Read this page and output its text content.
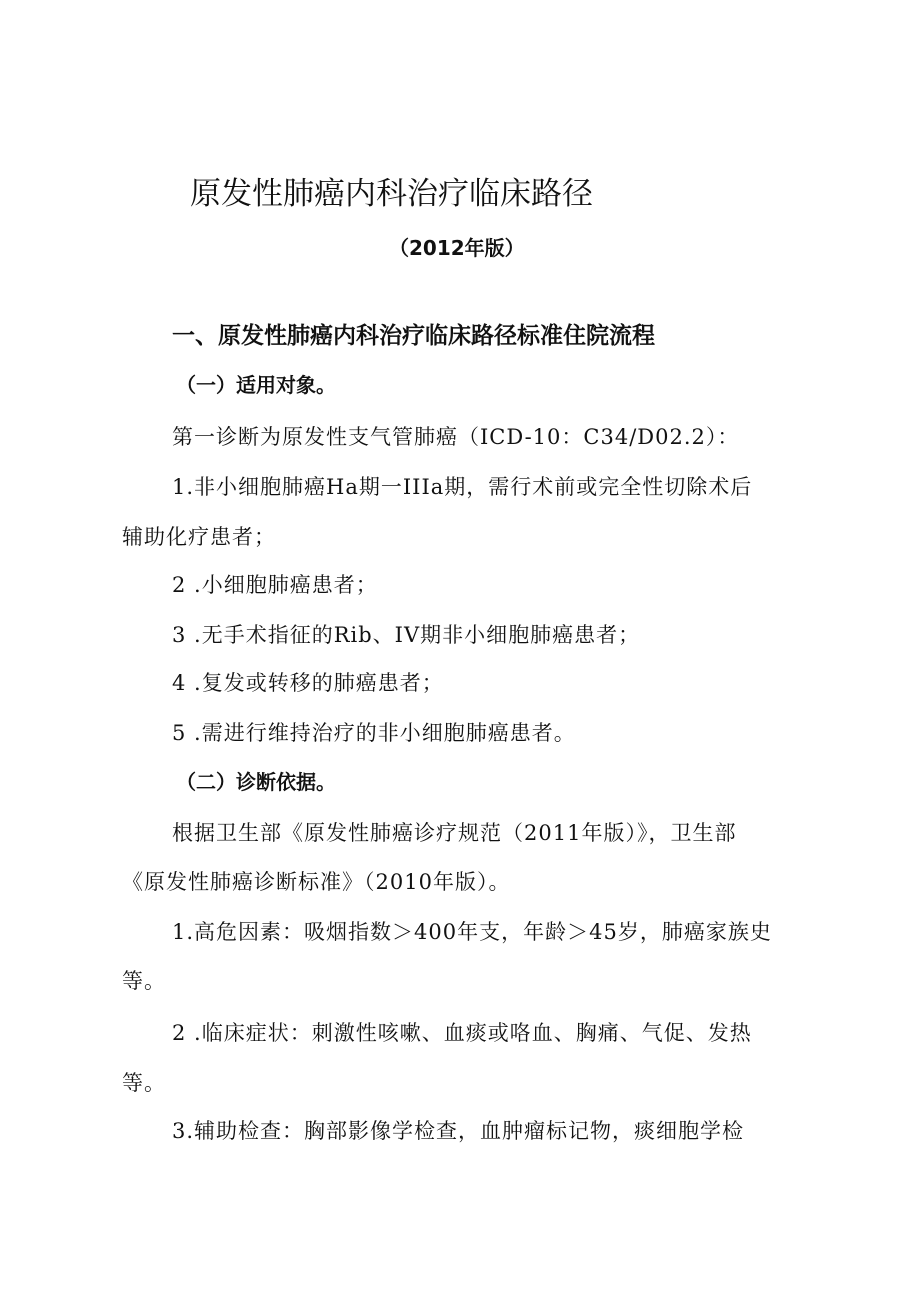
原发性肺癌内科治疗临床路径
（2012年版）
一、原发性肺癌内科治疗临床路径标准住院流程
（一）适用对象。

第一诊断为原发性支气管肺癌（ICD-10：C34/D02.2）：

1.非小细胞肺癌Ha期一IIIa期，需行术前或完全性切除术后

辅助化疗患者；

2 .小细胞肺癌患者；

3 .无手术指征的Rib、IV期非小细胞肺癌患者；

4 .复发或转移的肺癌患者；

5 .需进行维持治疗的非小细胞肺癌患者。

（二）诊断依据。

根据卫生部《原发性肺癌诊疗规范（2011年版）》，卫生部

《原发性肺癌诊断标准》（2010年版）。

1.高危因素：吸烟指数＞400年支，年龄＞45岁，肺癌家族史

等。

2 .临床症状：刺激性咳嗽、血痰或咯血、胸痛、气促、发热

等。

3.辅助检查：胸部影像学检查，血肿瘤标记物，痰细胞学检
